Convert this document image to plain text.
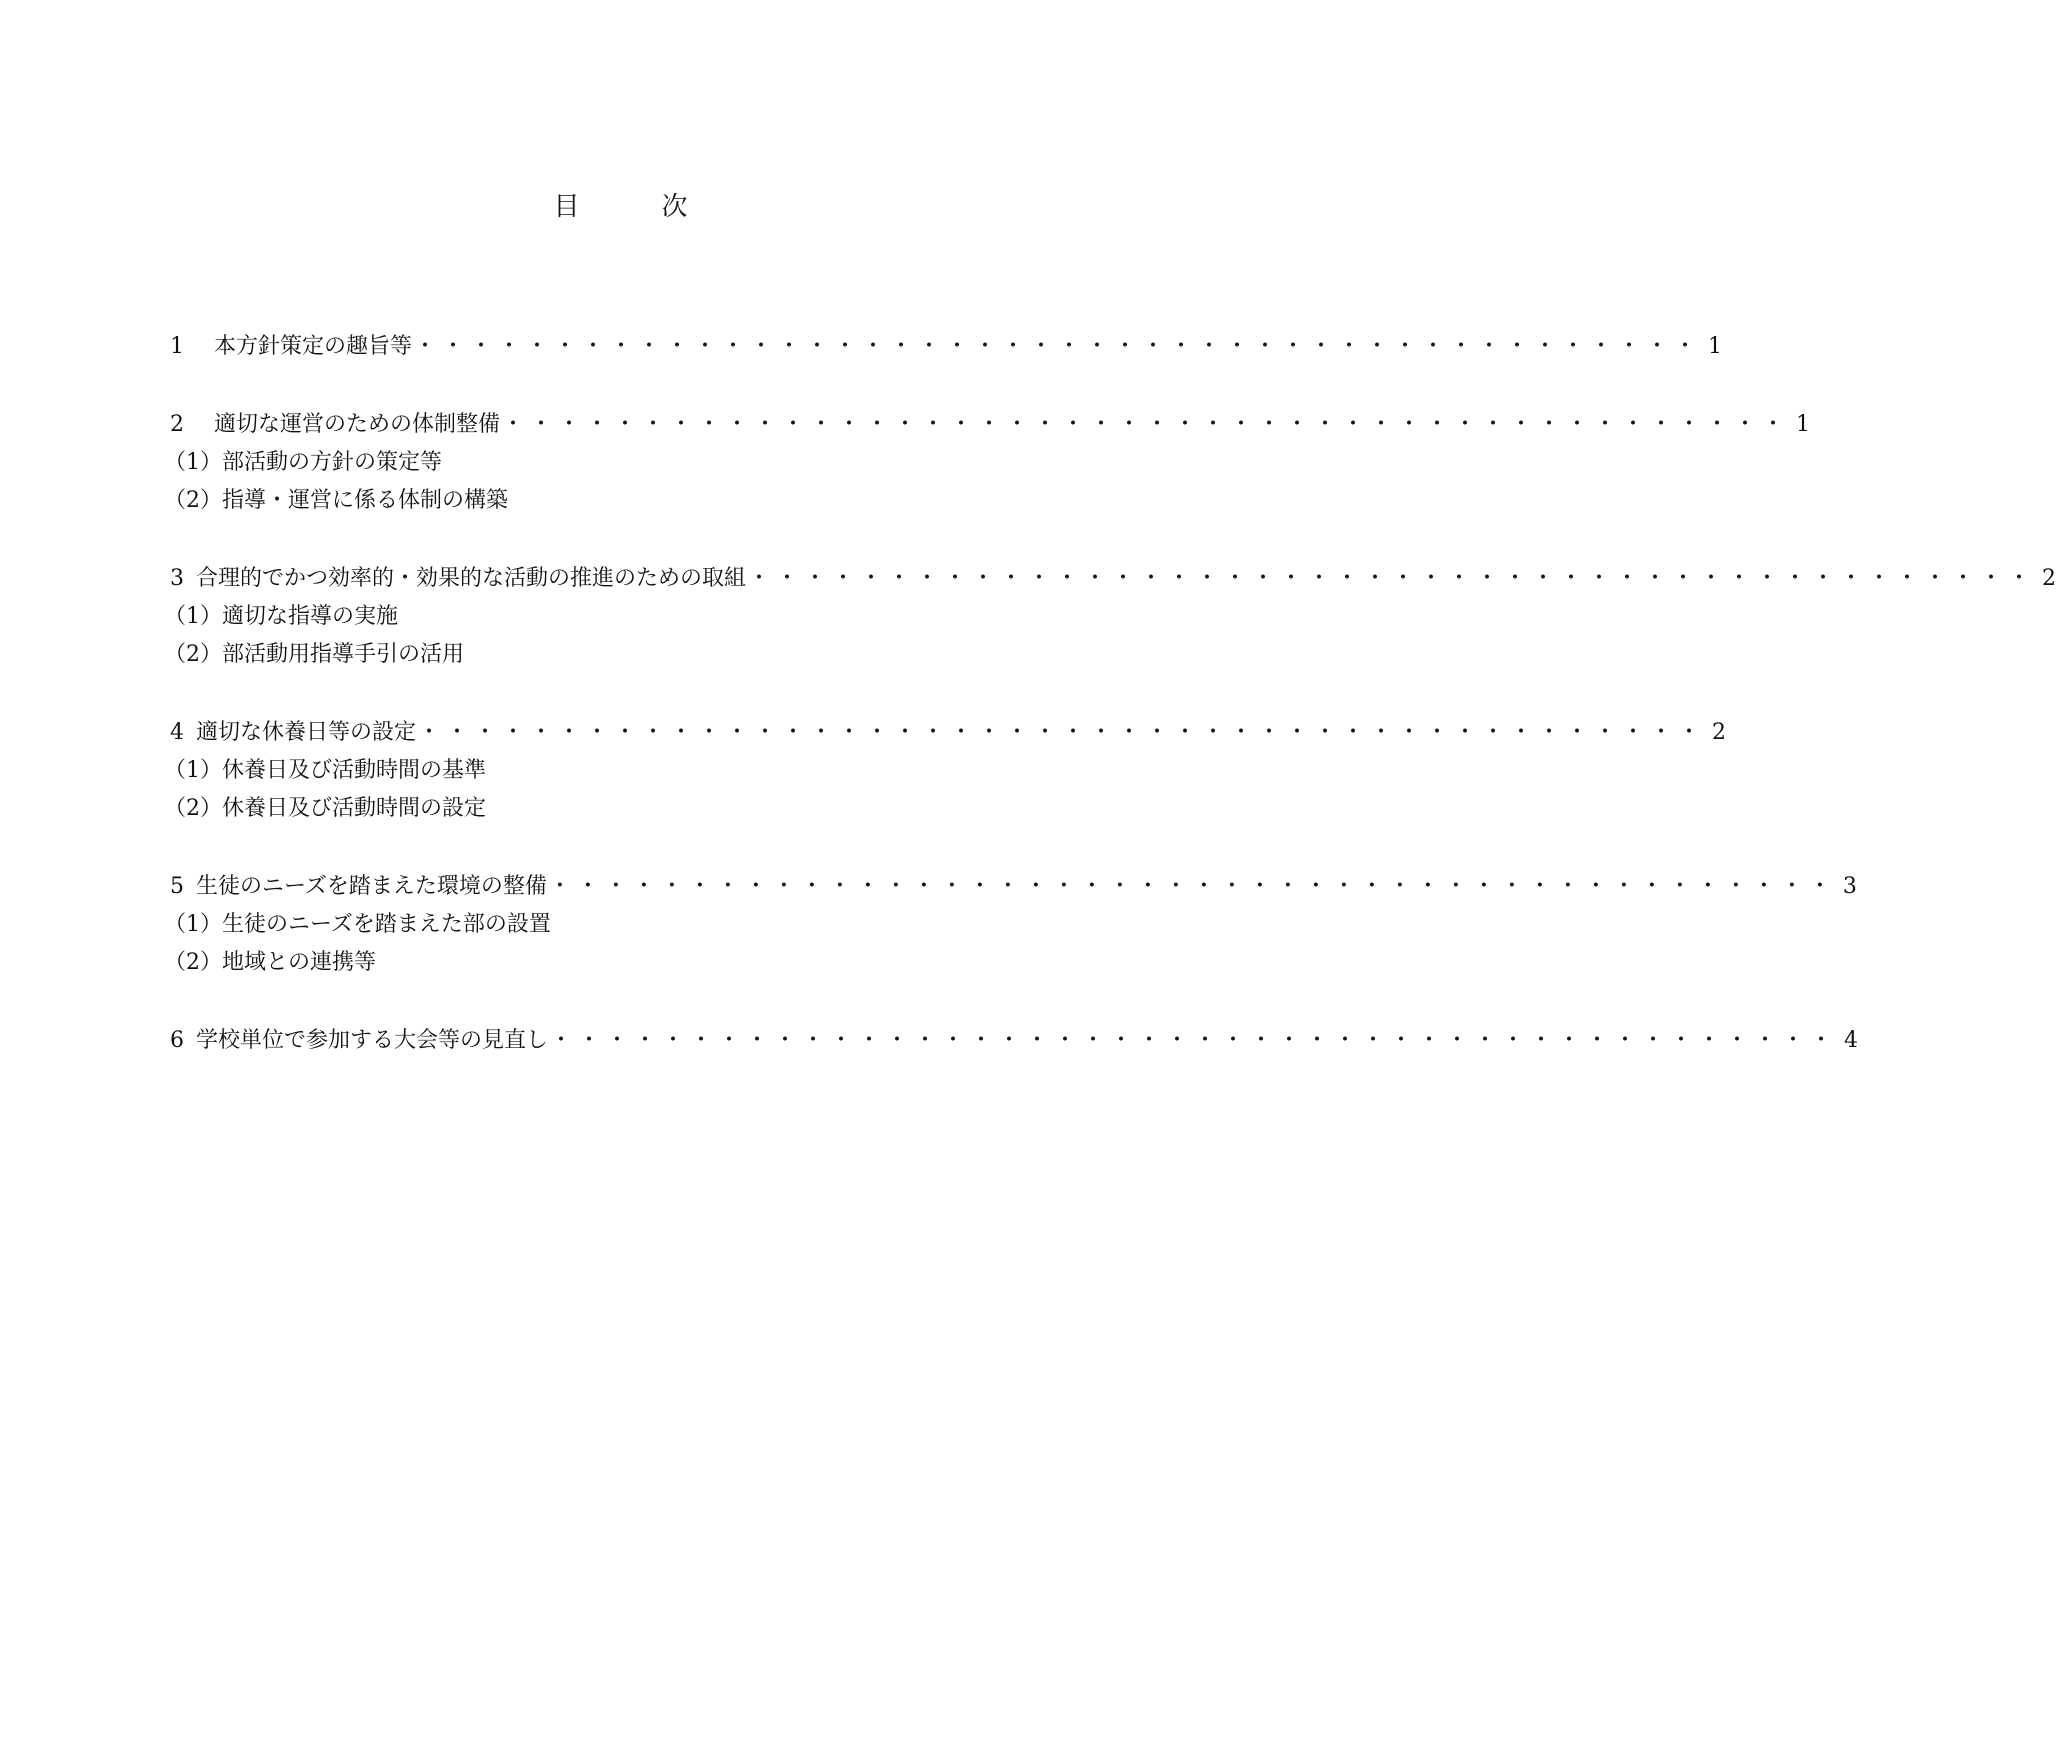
目　次
1	本方針策定の趣旨等 ・・・・・・・・・・・・・・・・・・・・・・・・・・・・・・・・・・・・・・・・・・・・・・ 1
2	適切な運営のための体制整備 ・・・・・・・・・・・・・・・・・・・・・・・・・・・・・・・・・・・・・・・・・・・・・・ 1
（1）部活動の方針の策定等
（2）指導・運営に係る体制の構築
3 合理的でかつ効率的・効果的な活動の推進のための取組 ・・・・・・・・・・・・・・・・・・・・・・・・・・・・・・・・・・・・・・・・・・・・・・ 2
（1）適切な指導の実施
（2）部活動用指導手引の活用
4 適切な休養日等の設定 ・・・・・・・・・・・・・・・・・・・・・・・・・・・・・・・・・・・・・・・・・・・・・・ 2
（1）休養日及び活動時間の基準
（2）休養日及び活動時間の設定
5 生徒のニーズを踏まえた環境の整備 ・・・・・・・・・・・・・・・・・・・・・・・・・・・・・・・・・・・・・・・・・・・・・・ 3
（1）生徒のニーズを踏まえた部の設置
（2）地域との連携等
6 学校単位で参加する大会等の見直し ・・・・・・・・・・・・・・・・・・・・・・・・・・・・・・・・・・・・・・・・・・・・・・ 4
